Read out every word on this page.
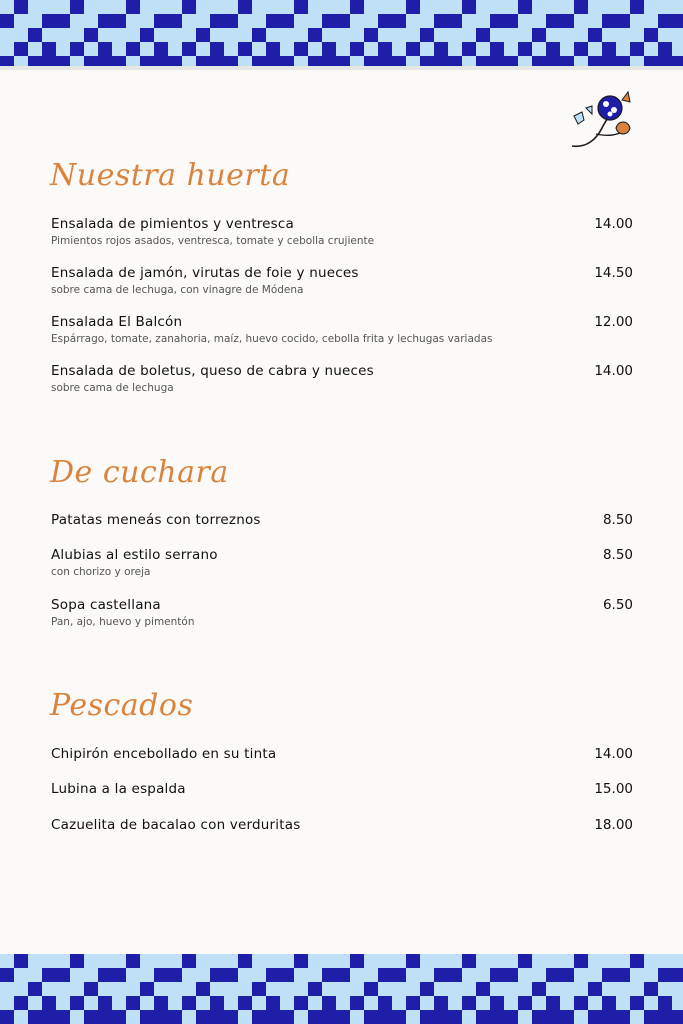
Nuestra huerta
Ensalada de pimientos y ventresca
Pimientos rojos asados, ventresca, tomate y cebolla crujiente
14.00
Ensalada de jamón, virutas de foie y nueces
sobre cama de lechuga, con vinagre de Módena
14.50
Ensalada El Balcón
Espárrago, tomate, zanahoria, maíz, huevo cocido, cebolla frita y lechugas variadas
12.00
Ensalada de boletus, queso de cabra y nueces
sobre cama de lechuga
14.00
De cuchara
Patatas meneás con torreznos	8.50
Alubias al estilo serrano
con chorizo y oreja
8.50
Sopa castellana
Pan, ajo, huevo y pimentón
6.50
Pescados
Chipirón encebollado en su tinta	14.00
Lubina a la espalda	15.00
Cazuelita de bacalao con verduritas	18.00
